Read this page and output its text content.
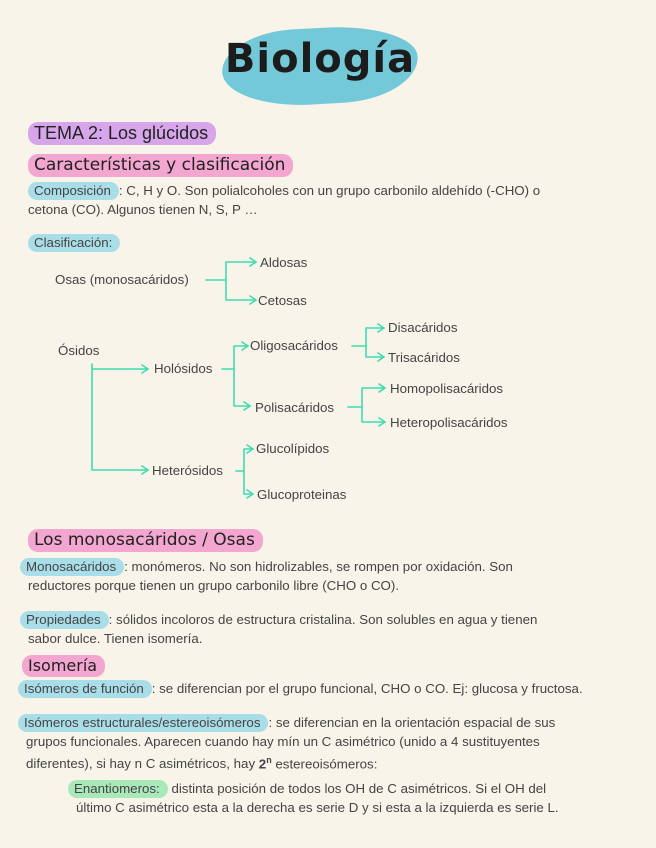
Biología
TEMA 2: Los glúcidos
Características y clasificación
Composición : C, H y O. Son polialcoholes con un grupo carbonilo aldehído (-CHO) o
cetona (CO). Algunos tienen N, S, P …
Clasificación:
Osas (monosacáridos)
Aldosas
Cetosas
Ósidos
Holósidos
Oligosacáridos
Disacáridos
Trisacáridos
Polisacáridos
Homopolisacáridos
Heteropolisacáridos
Heterósidos
Glucolípidos
Glucoproteinas
Los monosacáridos / Osas
Monosacáridos : monómeros. No son hidrolizables, se rompen por oxidación. Son
reductores porque tienen un grupo carbonilo libre (CHO o CO).
Propiedades : sólidos incoloros de estructura cristalina. Son solubles en agua y tienen
sabor dulce. Tienen isomería.
Isomería
Isómeros de función : se diferencian por el grupo funcional, CHO o CO. Ej: glucosa y fructosa.
Isómeros estructurales/estereoisómeros : se diferencian en la orientación espacial de sus
grupos funcionales. Aparecen cuando hay mín un C asimétrico (unido a 4 sustituyentes
diferentes), si hay n C asimétricos, hay 2$^n$ estereoisómeros:
Enantiomeros: distinta posición de todos los OH de C asimétricos. Si el OH del
último C asimétrico esta a la derecha es serie D y si esta a la izquierda es serie L.
